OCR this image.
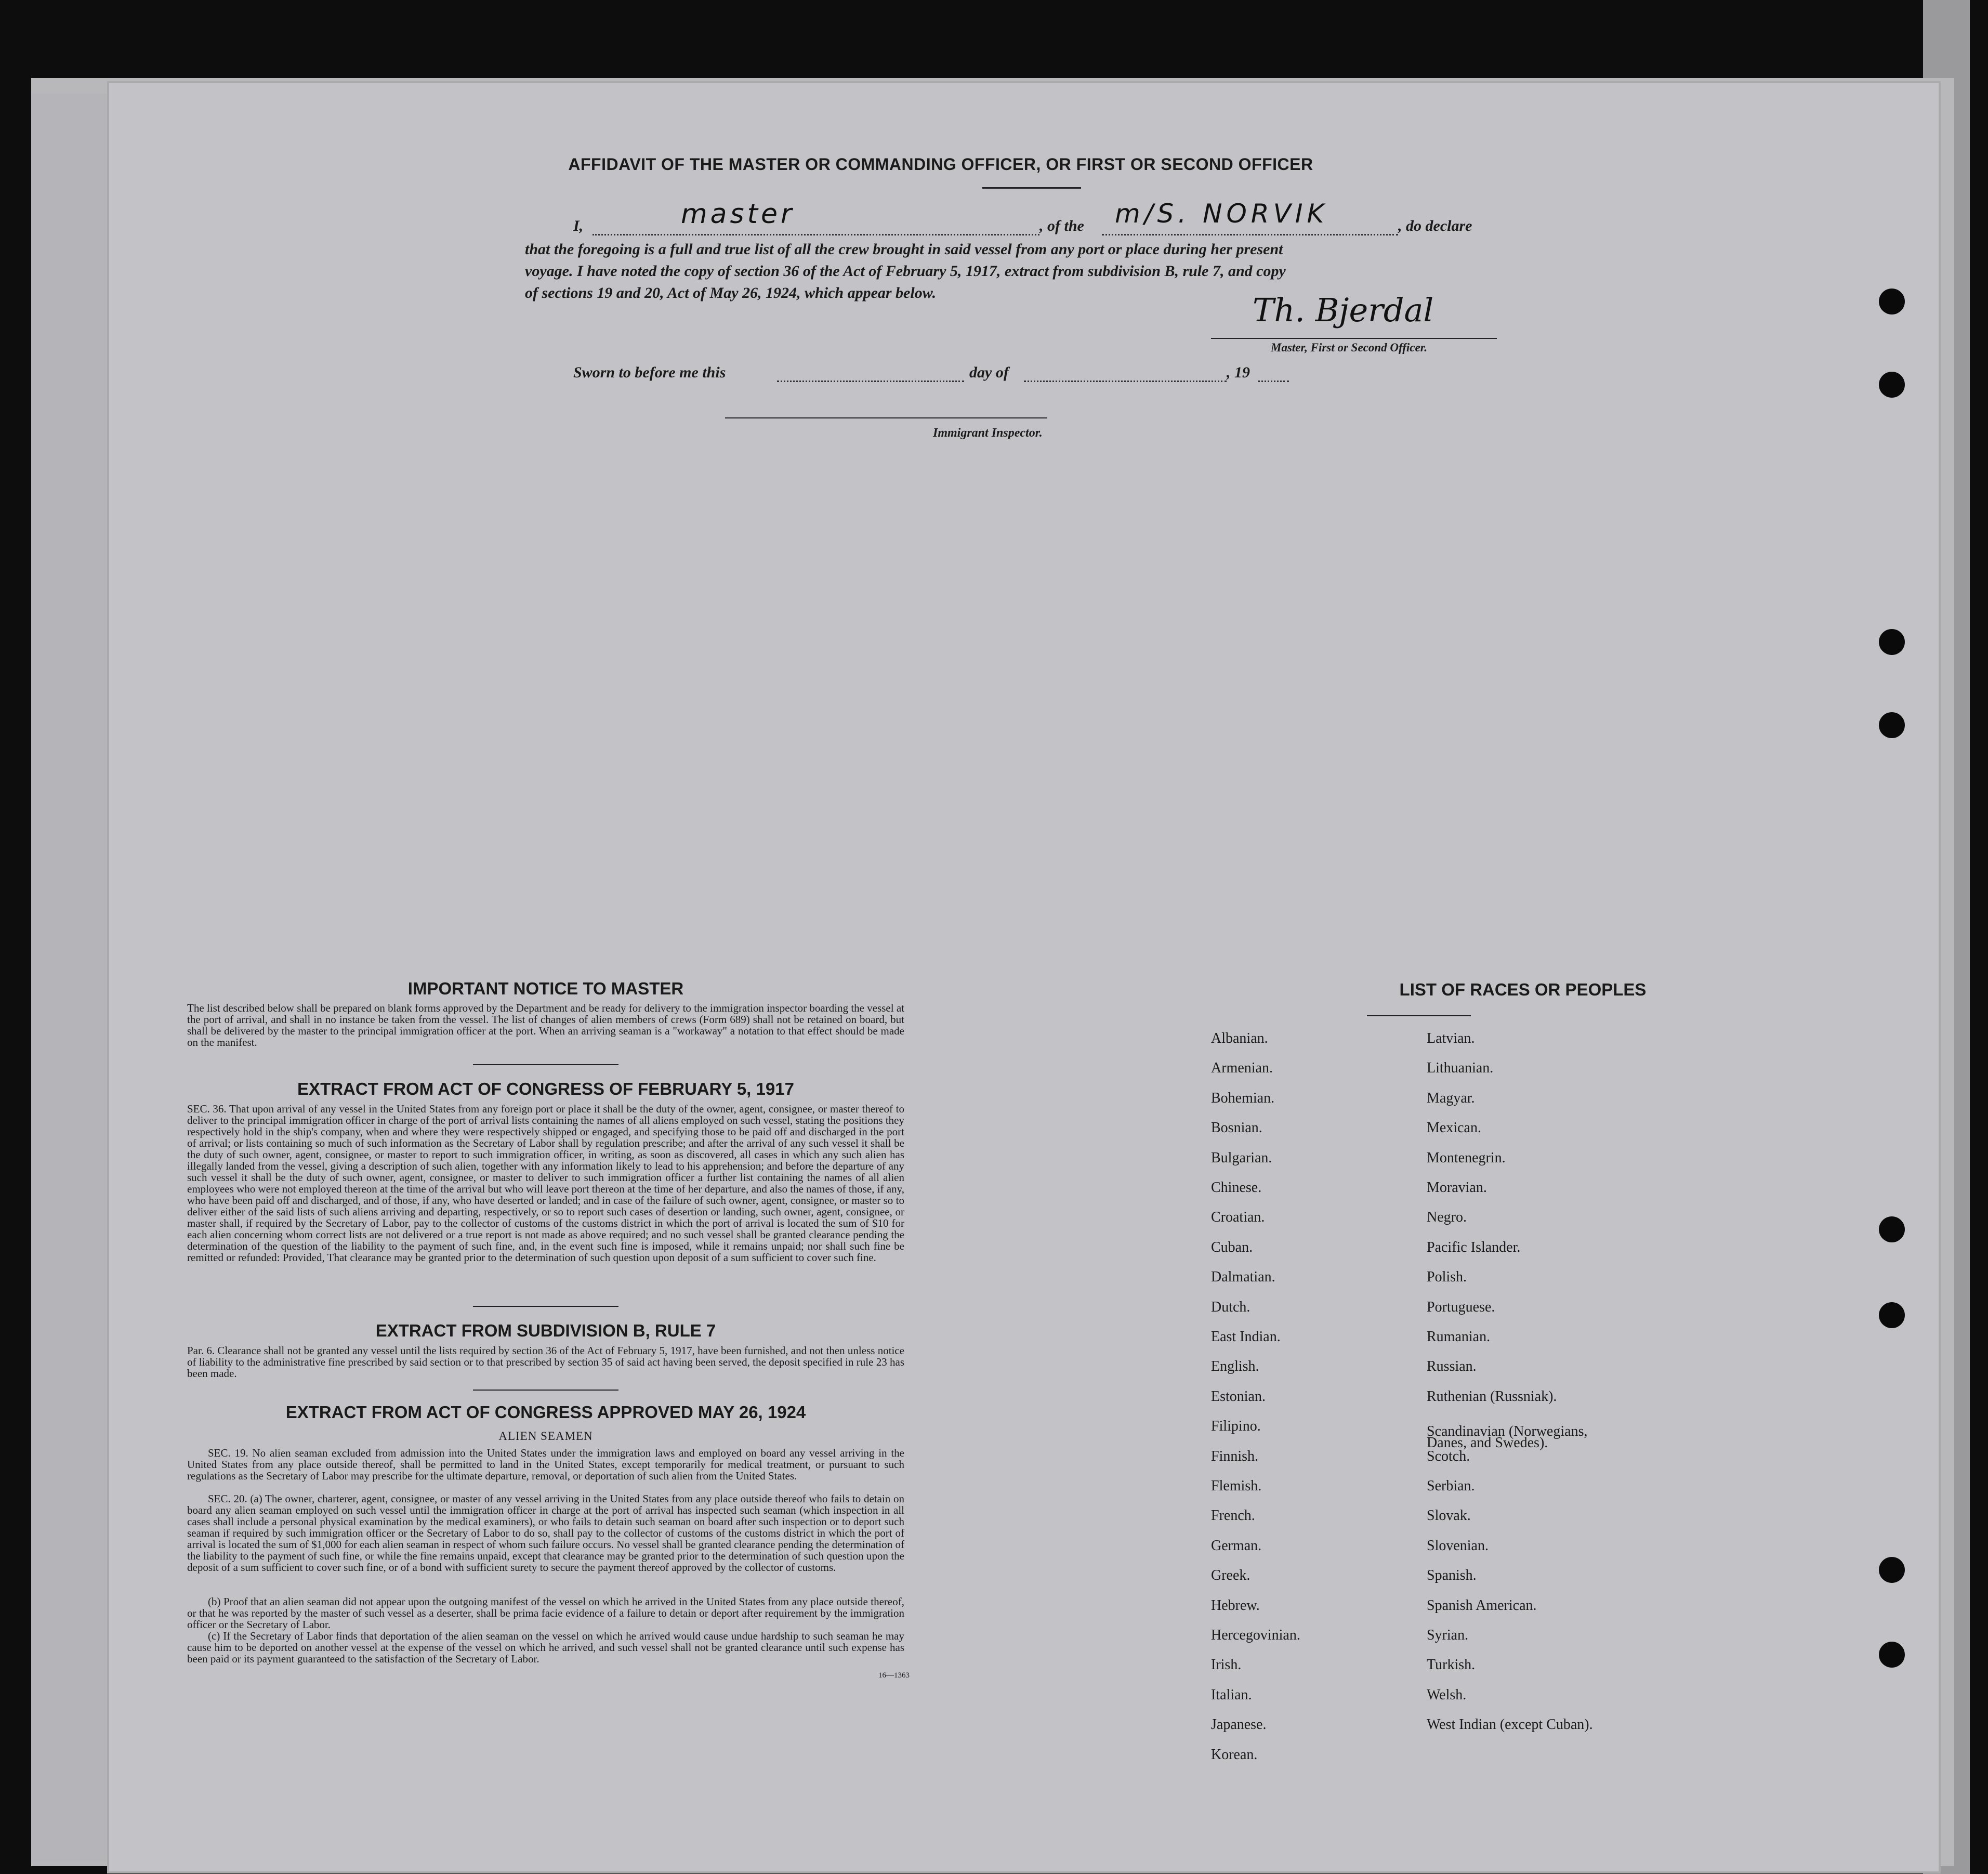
AFFIDAVIT OF THE MASTER OR COMMANDING OFFICER, OR FIRST OR SECOND OFFICER
I,	master	, of the m/S. NORVIK	, do declare
that the foregoing is a full and true list of all the crew brought in said vessel from any port or place during her present
voyage. I have noted the copy of section 36 of the Act of February 5, 1917, extract from subdivision B, rule 7, and copy
of sections 19 and 20, Act of May 26, 1924, which appear below.	Th. Bjerdal
Master, First or Second Officer.
Sworn to before me this	day of	, 19
Immigrant Inspector.
IMPORTANT NOTICE TO MASTER
The list described below shall be prepared on blank forms approved by the Department and be ready for delivery to the immigration inspector boarding the vessel at the port of arrival, and shall in no instance be taken from the vessel. The list of changes of alien members of crews (Form 689) shall not be retained on board, but shall be delivered by the master to the principal immigration officer at the port. When an arriving seaman is a "workaway" a notation to that effect should be made on the manifest.
EXTRACT FROM ACT OF CONGRESS OF FEBRUARY 5, 1917
SEC. 36. That upon arrival of any vessel in the United States from any foreign port or place it shall be the duty of the owner, agent, consignee, or master thereof to deliver to the principal immigration officer in charge of the port of arrival lists containing the names of all aliens employed on such vessel, stating the positions they respectively hold in the ship's company, when and where they were respectively shipped or engaged, and specifying those to be paid off and discharged in the port of arrival; or lists containing so much of such information as the Secretary of Labor shall by regulation prescribe; and after the arrival of any such vessel it shall be the duty of such owner, agent, consignee, or master to report to such immigration officer, in writing, as soon as discovered, all cases in which any such alien has illegally landed from the vessel, giving a description of such alien, together with any information likely to lead to his apprehension; and before the departure of any such vessel it shall be the duty of such owner, agent, consignee, or master to deliver to such immigration officer a further list containing the names of all alien employees who were not employed thereon at the time of the arrival but who will leave port thereon at the time of her departure, and also the names of those, if any, who have been paid off and discharged, and of those, if any, who have deserted or landed; and in case of the failure of such owner, agent, consignee, or master so to deliver either of the said lists of such aliens arriving and departing, respectively, or so to report such cases of desertion or landing, such owner, agent, consignee, or master shall, if required by the Secretary of Labor, pay to the collector of customs of the customs district in which the port of arrival is located the sum of $10 for each alien concerning whom correct lists are not delivered or a true report is not made as above required; and no such vessel shall be granted clearance pending the determination of the question of the liability to the payment of such fine, and, in the event such fine is imposed, while it remains unpaid; nor shall such fine be remitted or refunded: Provided, That clearance may be granted prior to the determination of such question upon deposit of a sum sufficient to cover such fine.
EXTRACT FROM SUBDIVISION B, RULE 7
Par. 6. Clearance shall not be granted any vessel until the lists required by section 36 of the Act of February 5, 1917, have been furnished, and not then unless notice of liability to the administrative fine prescribed by said section or to that prescribed by section 35 of said act having been served, the deposit specified in rule 23 has been made.
EXTRACT FROM ACT OF CONGRESS APPROVED MAY 26, 1924
ALIEN SEAMEN
SEC. 19. No alien seaman excluded from admission into the United States under the immigration laws and employed on board any vessel arriving in the United States from any place outside thereof, shall be permitted to land in the United States, except temporarily for medical treatment, or pursuant to such regulations as the Secretary of Labor may prescribe for the ultimate departure, removal, or deportation of such alien from the United States.
SEC. 20. (a) The owner, charterer, agent, consignee, or master of any vessel arriving in the United States from any place outside thereof who fails to detain on board any alien seaman employed on such vessel until the immigration officer in charge at the port of arrival has inspected such seaman (which inspection in all cases shall include a personal physical examination by the medical examiners), or who fails to detain such seaman on board after such inspection or to deport such seaman if required by such immigration officer or the Secretary of Labor to do so, shall pay to the collector of customs of the customs district in which the port of arrival is located the sum of $1,000 for each alien seaman in respect of whom such failure occurs. No vessel shall be granted clearance pending the determination of the liability to the payment of such fine, or while the fine remains unpaid, except that clearance may be granted prior to the determination of such question upon the deposit of a sum sufficient to cover such fine, or of a bond with sufficient surety to secure the payment thereof approved by the collector of customs.
(b) Proof that an alien seaman did not appear upon the outgoing manifest of the vessel on which he arrived in the United States from any place outside thereof, or that he was reported by the master of such vessel as a deserter, shall be prima facie evidence of a failure to detain or deport after requirement by the immigration officer or the Secretary of Labor.
(c) If the Secretary of Labor finds that deportation of the alien seaman on the vessel on which he arrived would cause undue hardship to such seaman he may cause him to be deported on another vessel at the expense of the vessel on which he arrived, and such vessel shall not be granted clearance until such expense has been paid or its payment guaranteed to the satisfaction of the Secretary of Labor.
16—1363
LIST OF RACES OR PEOPLES
Albanian.
Armenian.
Bohemian.
Bosnian.
Bulgarian.
Chinese.
Croatian.
Cuban.
Dalmatian.
Dutch.
East Indian.
English.
Estonian.
Filipino.
Finnish.
Flemish.
French.
German.
Greek.
Hebrew.
Hercegovinian.
Irish.
Italian.
Japanese.
Korean.
Latvian.
Lithuanian.
Magyar.
Mexican.
Montenegrin.
Moravian.
Negro.
Pacific Islander.
Polish.
Portuguese.
Rumanian.
Russian.
Ruthenian (Russniak).
Scandinavian (Norwegians,
Danes, and Swedes).
Scotch.
Serbian.
Slovak.
Slovenian.
Spanish.
Spanish American.
Syrian.
Turkish.
Welsh.
West Indian (except Cuban).
